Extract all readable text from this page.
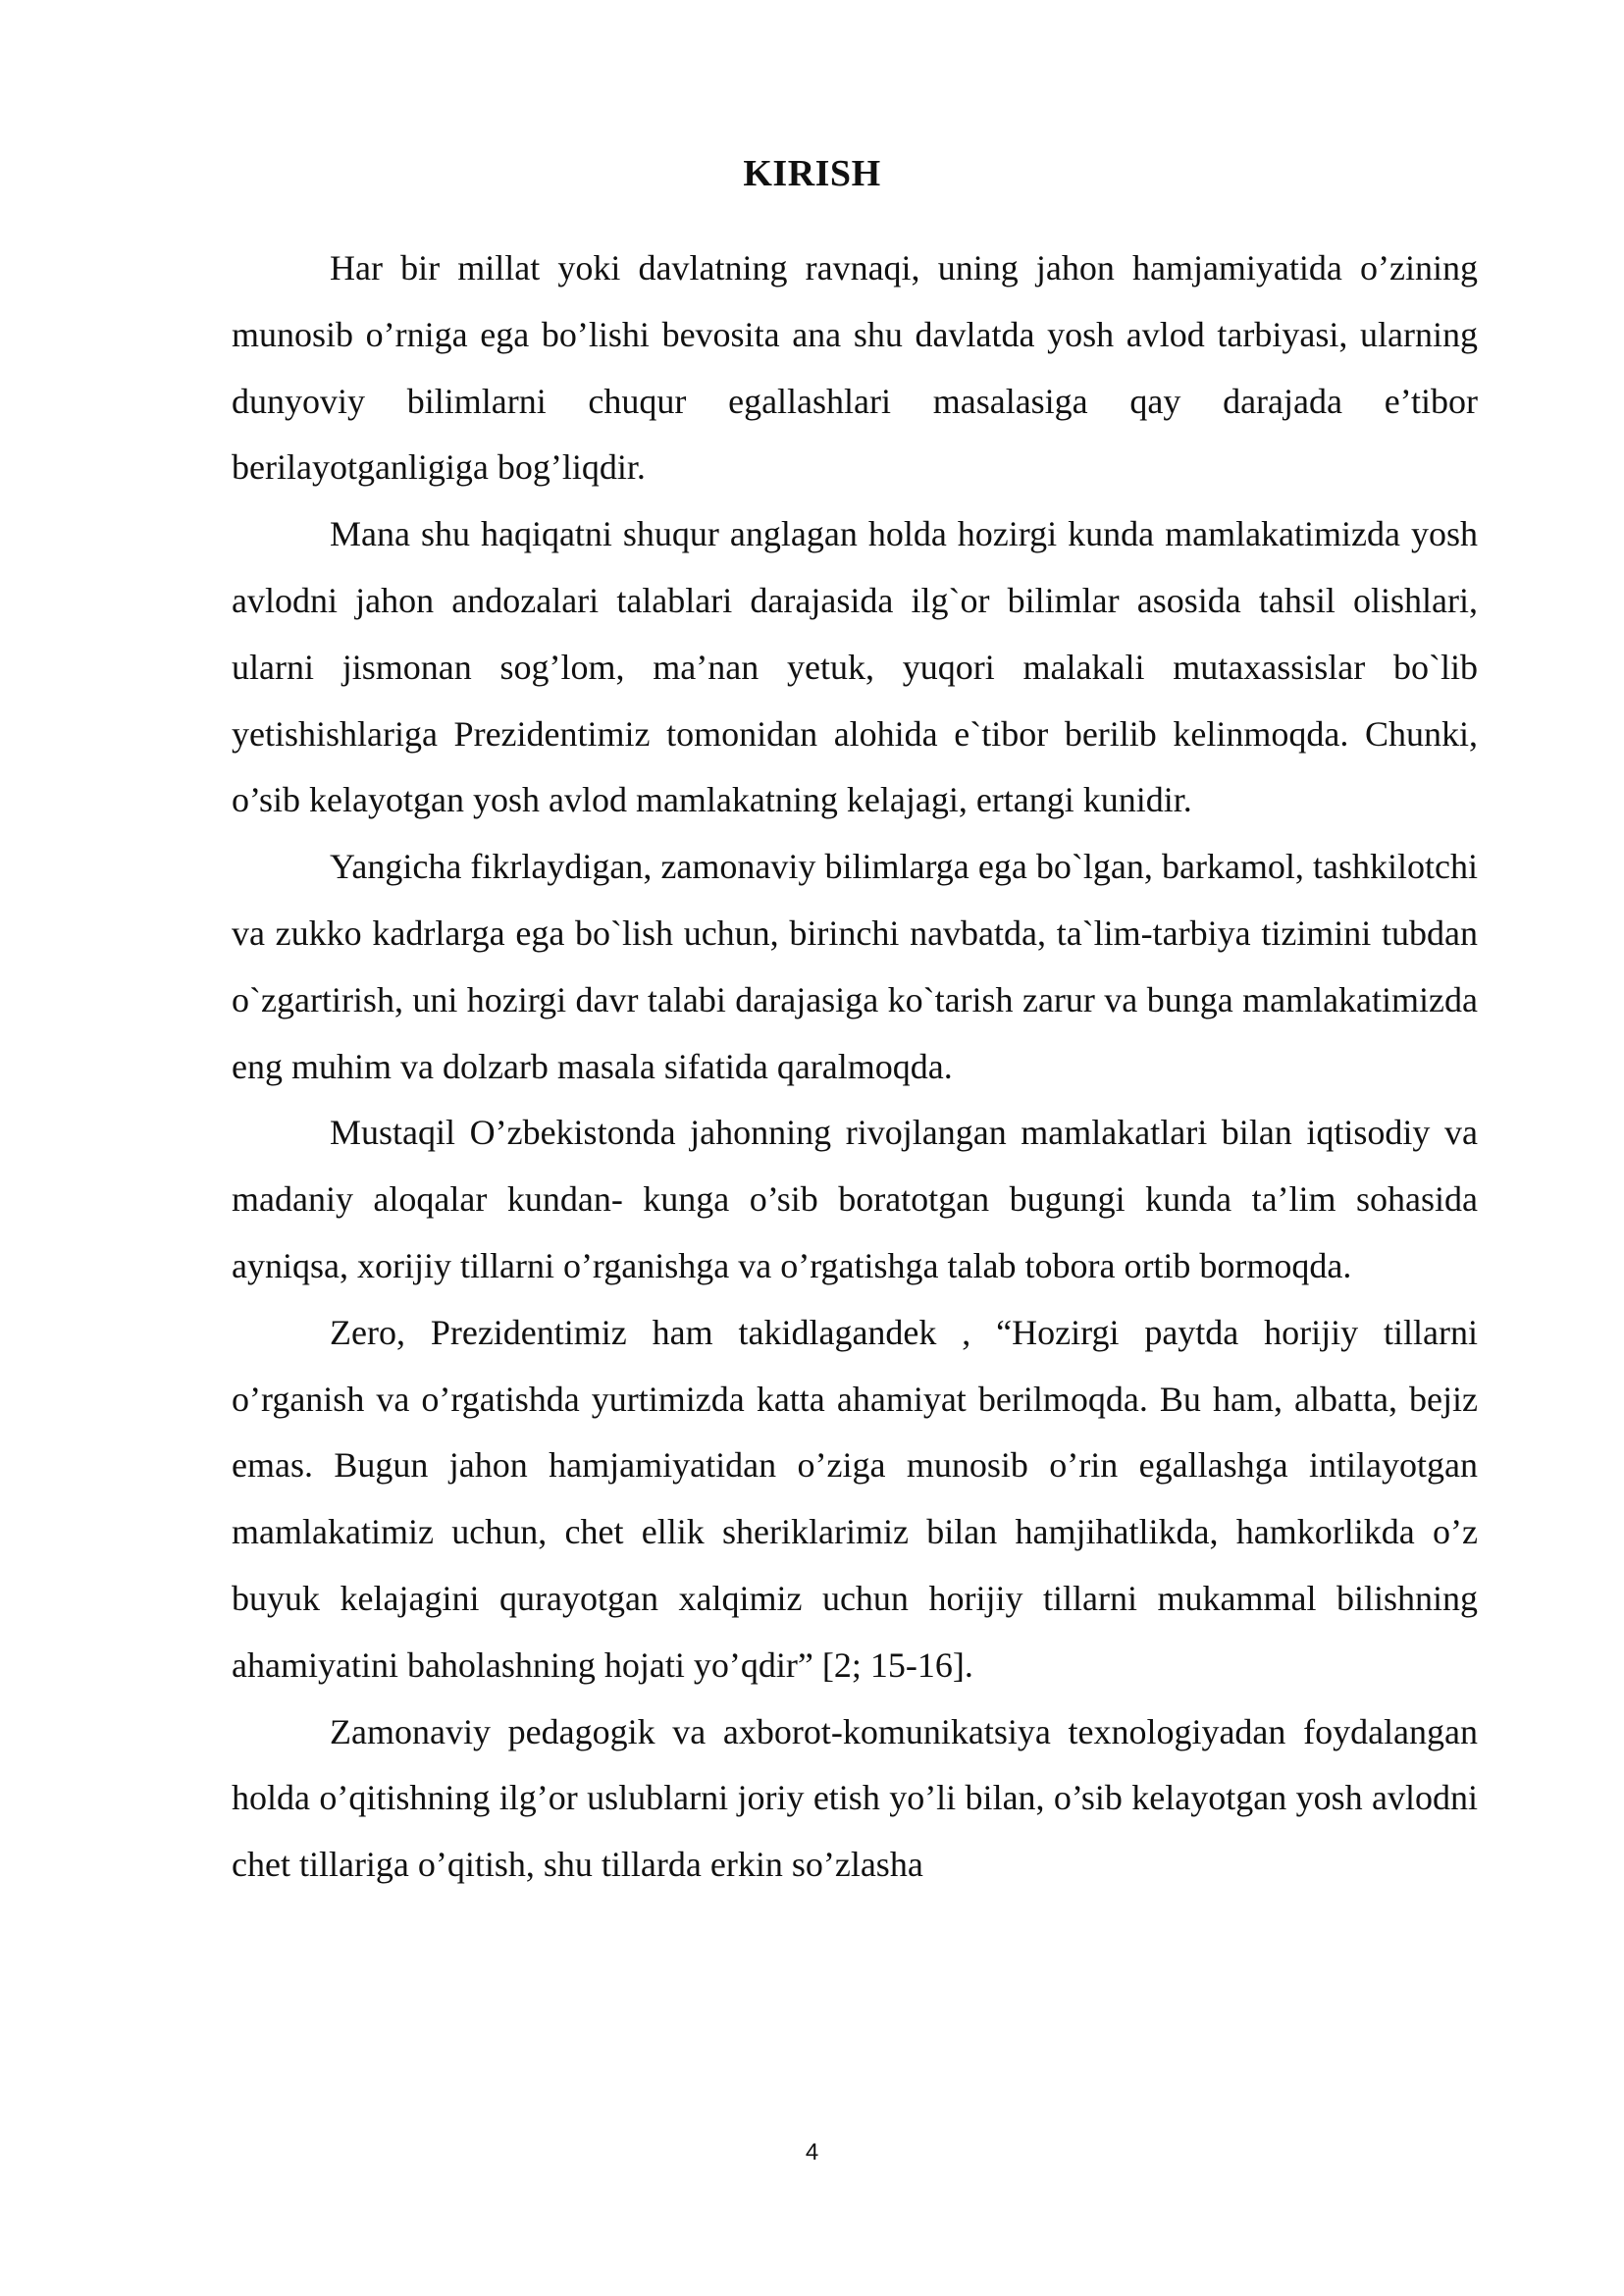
KIRISH

Har bir millat yoki davlatning ravnaqi, uning jahon hamjamiyatida o’zining munosib o’rniga ega bo’lishi bevosita ana shu davlatda yosh avlod tarbiyasi, ularning dunyoviy bilimlarni chuqur egallashlari masalasiga qay darajada e’tibor berilayotganligiga bog’liqdir.

Mana shu haqiqatni shuqur anglagan holda hozirgi kunda mamlakatimizda yosh avlodni jahon andozalari talablari darajasida ilg`or bilimlar asosida tahsil olishlari, ularni jismonan sog’lom, ma’nan yetuk, yuqori malakali mutaxassislar bo`lib yetishishlariga Prezidentimiz tomonidan alohida e`tibor berilib kelinmoqda. Chunki, o’sib kelayotgan yosh avlod mamlakatning kelajagi, ertangi kunidir.

Yangicha fikrlaydigan, zamonaviy bilimlarga ega bo`lgan, barkamol, tashkilotchi va zukko kadrlarga ega bo`lish uchun, birinchi navbatda, ta`lim-tarbiya tizimini tubdan o`zgartirish, uni hozirgi davr talabi darajasiga ko`tarish zarur va bunga mamlakatimizda eng muhim va dolzarb masala sifatida qaralmoqda.

Mustaqil O’zbekistonda jahonning rivojlangan mamlakatlari bilan iqtisodiy va madaniy aloqalar kundan- kunga o’sib boratotgan bugungi kunda ta’lim sohasida ayniqsa, xorijiy tillarni o’rganishga va o’rgatishga talab tobora ortib bormoqda.

Zero, Prezidentimiz ham takidlagandek , “Hozirgi paytda horijiy tillarni o’rganish va o’rgatishda yurtimizda katta ahamiyat berilmoqda. Bu ham, albatta, bejiz emas. Bugun jahon hamjamiyatidan o’ziga munosib o’rin egallashga intilayotgan mamlakatimiz uchun, chet ellik sheriklarimiz bilan hamjihatlikda, hamkorlikda o’z buyuk kelajagini qurayotgan xalqimiz uchun horijiy tillarni mukammal bilishning ahamiyatini baholashning hojati yo’qdir” [2; 15-16].

Zamonaviy pedagogik va axborot-komunikatsiya texnologiyadan foydalangan holda o’qitishning ilg’or uslublarni joriy etish yo’li bilan, o’sib kelayotgan yosh avlodni chet tillariga o’qitish, shu tillarda erkin so’zlasha

4
